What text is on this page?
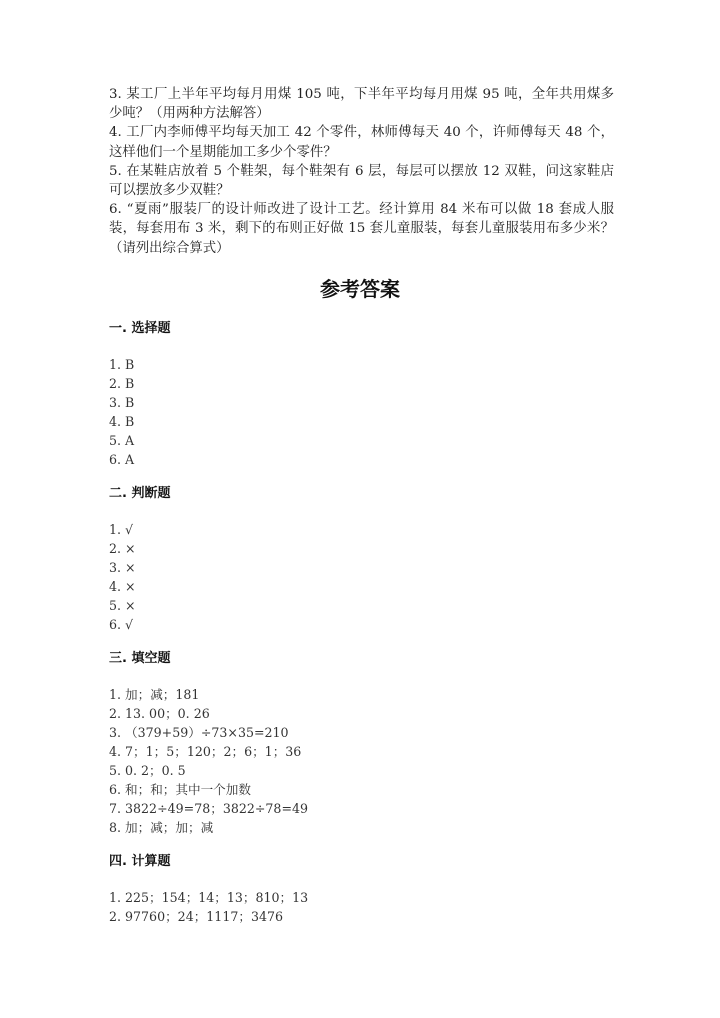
3. 某工厂上半年平均每月用煤 105 吨，下半年平均每月用煤 95 吨，全年共用煤多少吨？（用两种方法解答）

4. 工厂内李师傅平均每天加工 42 个零件，林师傅每天 40 个，许师傅每天 48 个，这样他们一个星期能加工多少个零件？

5. 在某鞋店放着 5 个鞋架，每个鞋架有 6 层，每层可以摆放 12 双鞋，问这家鞋店可以摆放多少双鞋？

6. “夏雨”服装厂的设计师改进了设计工艺。经计算用 84 米布可以做 18 套成人服装，每套用布 3 米，剩下的布则正好做 15 套儿童服装，每套儿童服装用布多少米？（请列出综合算式）

参考答案
一. 选择题
1. B
2. B
3. B
4. B
5. A
6. A
二. 判断题
1. √
2. ×
3. ×
4. ×
5. ×
6. √
三. 填空题
1. 加；减；181
2. 13. 00；0. 26
3. （379+59）÷73×35=210
4. 7；1；5；120；2；6；1；36
5. 0. 2；0. 5
6. 和；和；其中一个加数
7. 3822÷49=78；3822÷78=49
8. 加；减；加；减
四. 计算题
1. 225；154；14；13；810；13
2. 97760；24；1117；3476
